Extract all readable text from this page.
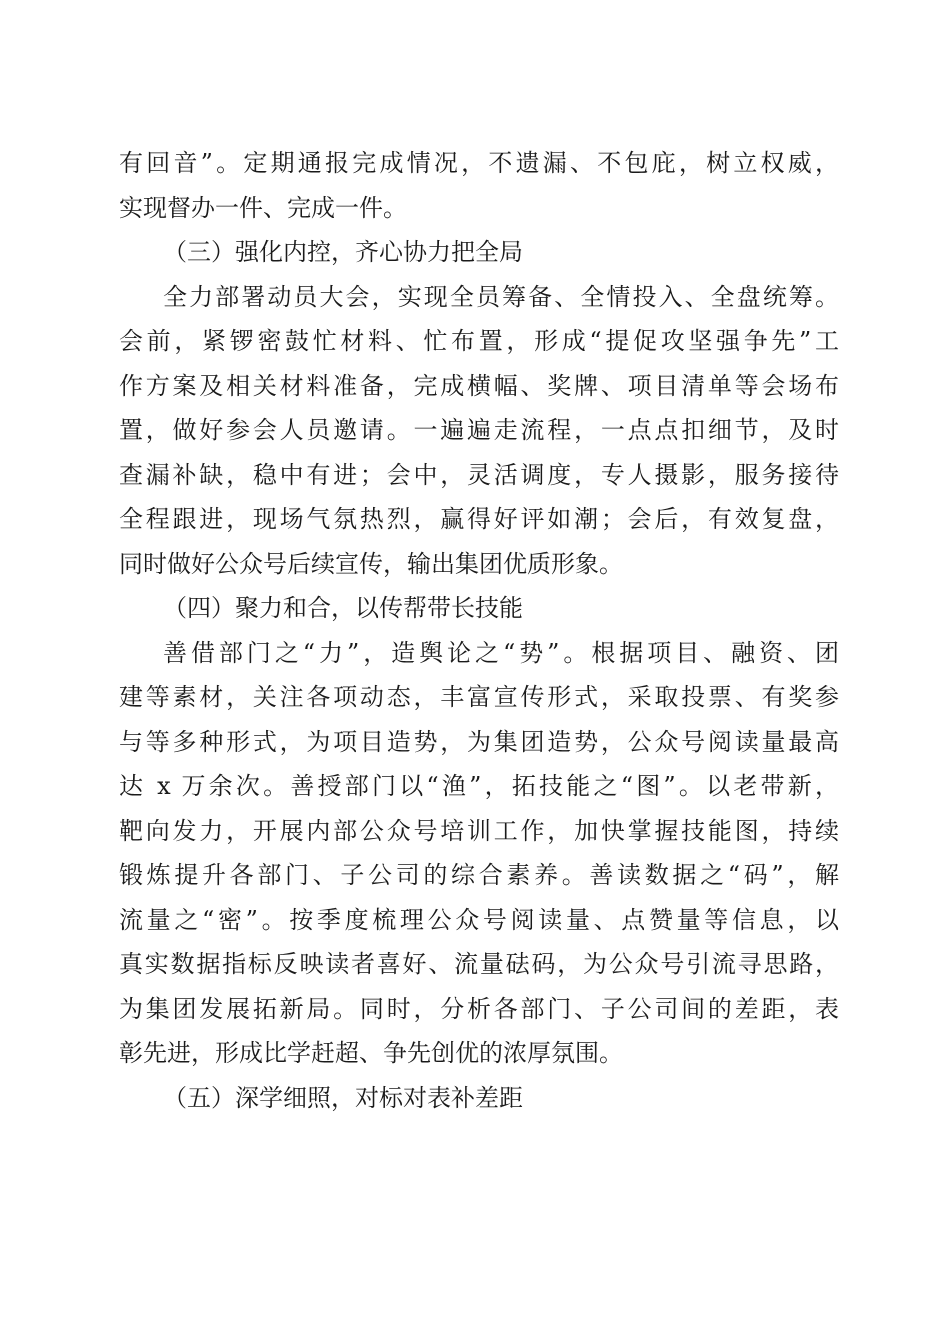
有回音”。定期通报完成情况，不遗漏、不包庇，树立权威，
实现督办一件、完成一件。
（三）强化内控，齐心协力把全局
全力部署动员大会，实现全员筹备、全情投入、全盘统筹。
会前，紧锣密鼓忙材料、忙布置，形成“提促攻坚强争先”工
作方案及相关材料准备，完成横幅、奖牌、项目清单等会场布
置，做好参会人员邀请。一遍遍走流程，一点点扣细节，及时
查漏补缺，稳中有进；会中，灵活调度，专人摄影，服务接待
全程跟进，现场气氛热烈，赢得好评如潮；会后，有效复盘，
同时做好公众号后续宣传，输出集团优质形象。
（四）聚力和合，以传帮带长技能
善借部门之“力”，造舆论之“势”。根据项目、融资、团
建等素材，关注各项动态，丰富宣传形式，采取投票、有奖参
与等多种形式，为项目造势，为集团造势，公众号阅读量最高
达 x 万余次。善授部门以“渔”，拓技能之“图”。以老带新，
靶向发力，开展内部公众号培训工作，加快掌握技能图，持续
锻炼提升各部门、子公司的综合素养。善读数据之“码”，解
流量之“密”。按季度梳理公众号阅读量、点赞量等信息，以
真实数据指标反映读者喜好、流量砝码，为公众号引流寻思路，
为集团发展拓新局。同时，分析各部门、子公司间的差距，表
彰先进，形成比学赶超、争先创优的浓厚氛围。
（五）深学细照，对标对表补差距
